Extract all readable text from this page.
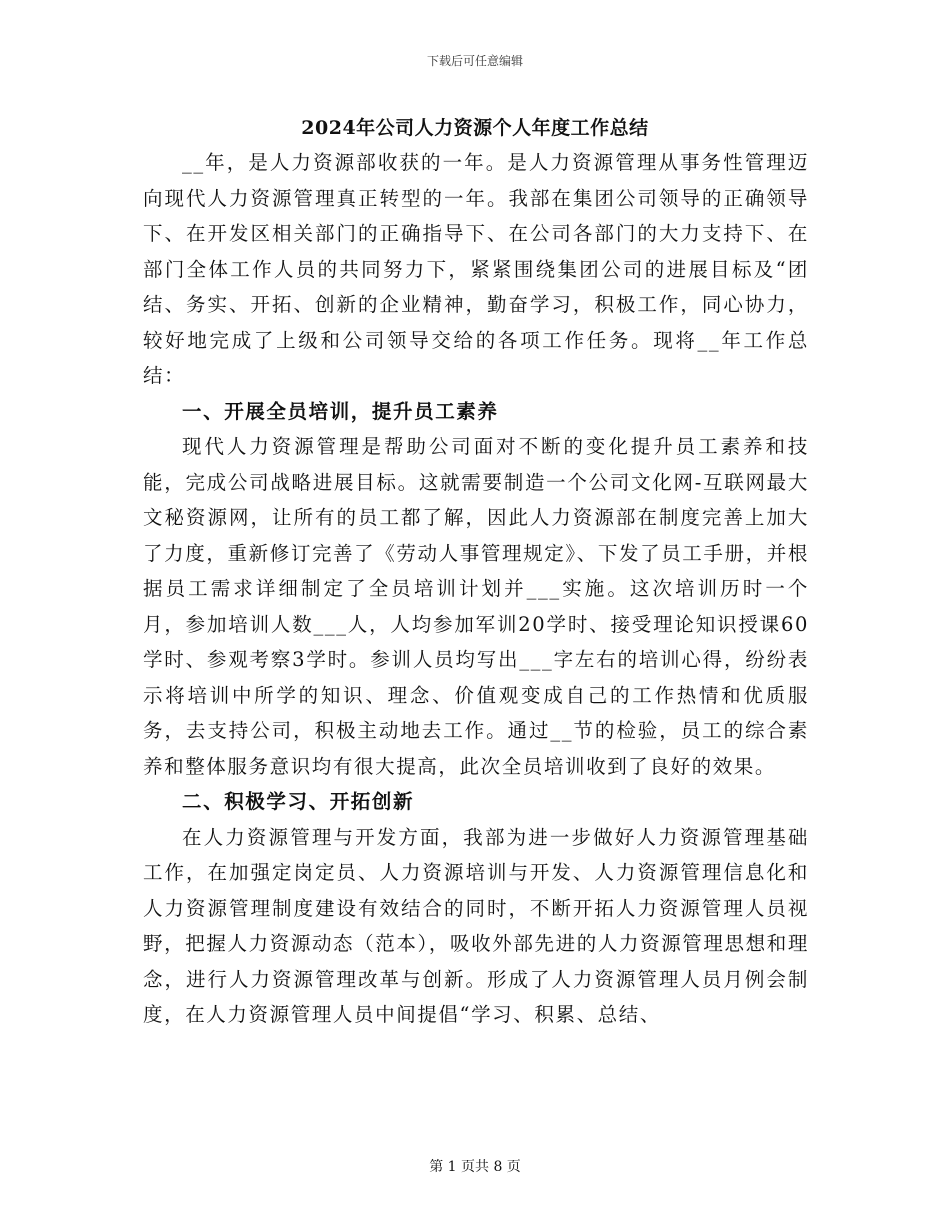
下载后可任意编辑
2024年公司人力资源个人年度工作总结

__年，是人力资源部收获的一年。是人力资源管理从事务性管理迈向现代人力资源管理真正转型的一年。我部在集团公司领导的正确领导下、在开发区相关部门的正确指导下、在公司各部门的大力支持下、在部门全体工作人员的共同努力下，紧紧围绕集团公司的进展目标及“团结、务实、开拓、创新的企业精神，勤奋学习，积极工作，同心协力，较好地完成了上级和公司领导交给的各项工作任务。现将__年工作总结：

一、开展全员培训，提升员工素养

现代人力资源管理是帮助公司面对不断的变化提升员工素养和技能，完成公司战略进展目标。这就需要制造一个公司文化网-互联网最大文秘资源网，让所有的员工都了解，因此人力资源部在制度完善上加大了力度，重新修订完善了《劳动人事管理规定》、下发了员工手册，并根据员工需求详细制定了全员培训计划并___实施。这次培训历时一个月，参加培训人数___人，人均参加军训20学时、接受理论知识授课60学时、参观考察3学时。参训人员均写出___字左右的培训心得，纷纷表示将培训中所学的知识、理念、价值观变成自己的工作热情和优质服务，去支持公司，积极主动地去工作。通过__节的检验，员工的综合素养和整体服务意识均有很大提高，此次全员培训收到了良好的效果。

二、积极学习、开拓创新

在人力资源管理与开发方面，我部为进一步做好人力资源管理基础工作，在加强定岗定员、人力资源培训与开发、人力资源管理信息化和人力资源管理制度建设有效结合的同时，不断开拓人力资源管理人员视野，把握人力资源动态（范本），吸收外部先进的人力资源管理思想和理念，进行人力资源管理改革与创新。形成了人力资源管理人员月例会制度，在人力资源管理人员中间提倡“学习、积累、总结、

第 1 页共 8 页
